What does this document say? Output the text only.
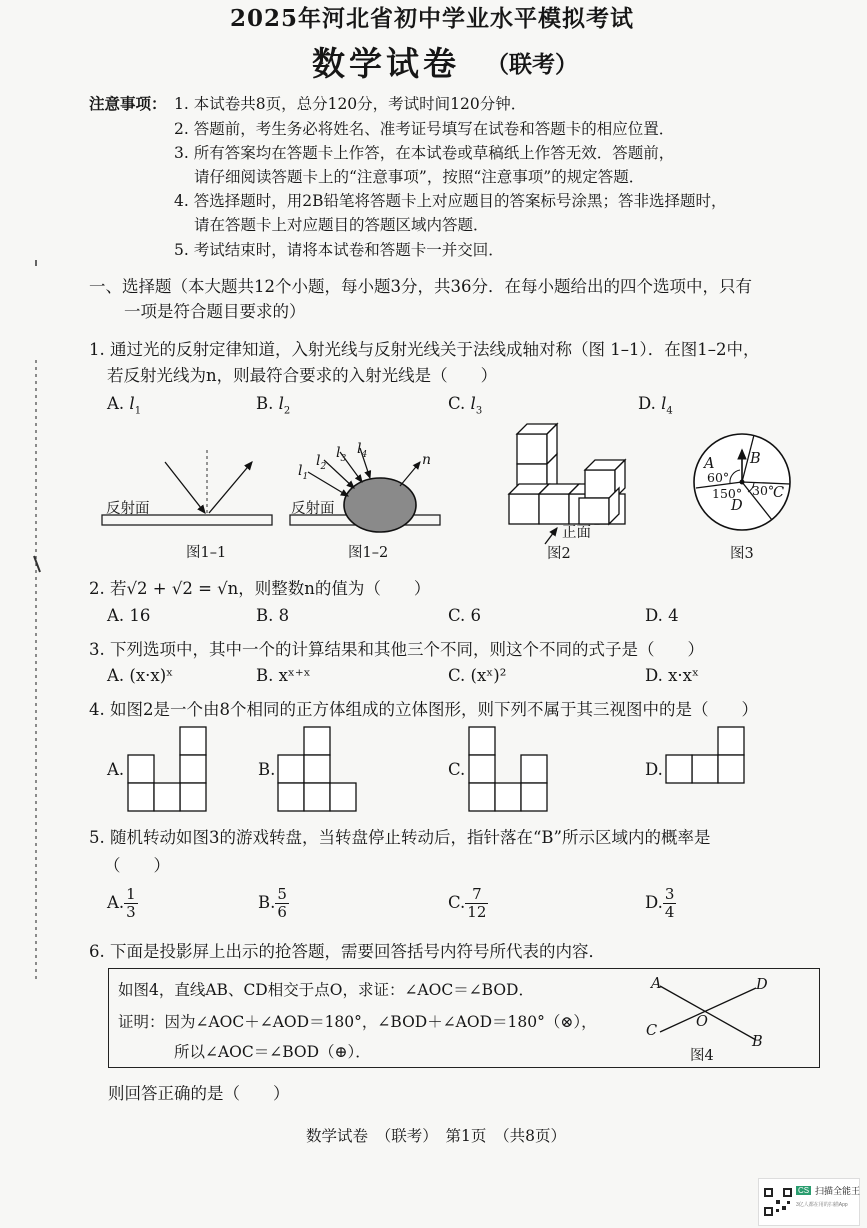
2025年河北省初中学业水平模拟考试
数学试卷 （联考）
注意事项： 1. 本试卷共8页，总分120分，考试时间120分钟．
2. 答题前，考生务必将姓名、准考证号填写在试卷和答题卡的相应位置．
3. 所有答案均在答题卡上作答，在本试卷或草稿纸上作答无效．答题前，
请仔细阅读答题卡上的“注意事项”，按照“注意事项”的规定答题．
4. 答选择题时，用2B铅笔将答题卡上对应题目的答案标号涂黑；答非选择题时，
请在答题卡上对应题目的答题区域内答题．
5. 考试结束时，请将本试卷和答题卡一并交回．
一、选择题（本大题共12个小题，每小题3分，共36分．在每小题给出的四个选项中，只有
一项是符合题目要求的）
1. 通过光的反射定律知道，入射光线与反射光线关于法线成轴对称（图 1–1）．在图1–2中，
若反射光线为n，则最符合要求的入射光线是（　　）
A. $l_1$	B. $l_2$	C. $l_3$	D. $l_4$
反射面
图1–1
$l_1$
$l_2$
$l_3$
$l_4$	n
反射面
图1–2
正面
图2
A B
C
D
60°
150° 30°
图3
2. 若√2 + √2 = √n，则整数n的值为（　　）
A. 16	B. 8	C. 6	D. 4
3. 下列选项中，其中一个的计算结果和其他三个不同，则这个不同的式子是（　　）
A. (x·x)ˣ	B. xˣ⁺ˣ	C. (xˣ)²	D. x·xˣ
4. 如图2是一个由8个相同的正方体组成的立体图形，则下列不属于其三视图中的是（　　）
A.	B.	C.	D.
5. 随机转动如图3的游戏转盘，当转盘停止转动后，指针落在“B”所示区域内的概率是
（　　）
A. $\frac{1}{3}$	B. $\frac{5}{6}$	C. $\frac{7}{12}$	D. $\frac{3}{4}$
6. 下面是投影屏上出示的抢答题，需要回答括号内符号所代表的内容．
如图4，直线AB、CD相交于点O，求证：∠AOC＝∠BOD．
证明：因为∠AOC＋∠AOD＝180°，∠BOD＋∠AOD＝180°（⊗），
所以∠AOC＝∠BOD（⊕）．
A	D
C
O
B
图4
则回答正确的是（　　）
数学试卷　（联考）　第1页　（共8页）
CS 扫描全能王
3亿人都在用的扫描App
